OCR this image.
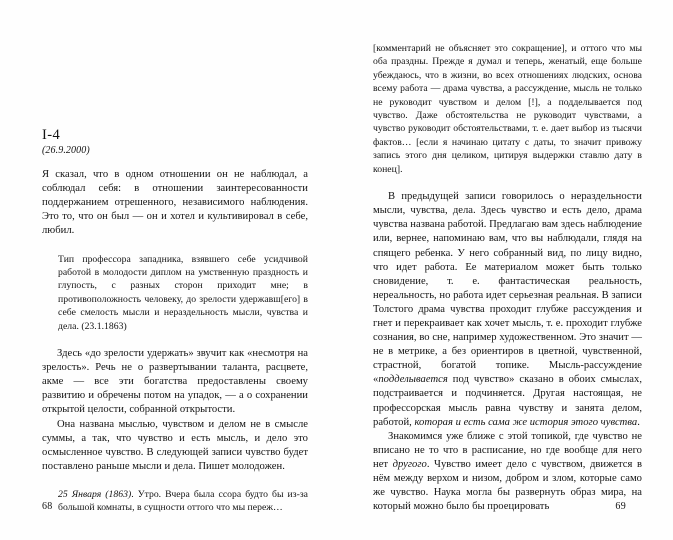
I-4
(26.9.2000)

Я сказал, что в одном отношении он не наблюдал, а соблюдал себя: в отношении заинтересованности поддержанием отрешенного, независимого наблюдения. Это то, что он был — он и хотел и культивировал в себе, любил.

Тип профессора западника, взявшего себе усидчивой работой в молодости диплом на умственную праздность и глупость, с разных сторон приходит мне; в противоположность человеку, до зрелости удержавш[его] в себе смелость мысли и нераздельность мысли, чувства и дела. (23.1.1863)

Здесь «до зрелости удержать» звучит как «несмотря на зрелость». Речь не о развертывании таланта, расцвете, акме — все эти богатства предоставлены своему развитию и обречены потом на упадок, — а о сохранении открытой целости, собранной открытости.

Она названа мыслью, чувством и делом не в смысле суммы, а так, что чувство и есть мысль, и дело это осмысленное чувство. В следующей записи чувство будет поставлено раньше мысли и дела. Пишет молодожен.

25 Января (1863). Утро. Вчера была ссора будто бы из-за большой комнаты, в сущности оттого что мы переж…

68

[комментарий не объясняет это сокращение], и оттого что мы оба праздны. Прежде я думал и теперь, женатый, еще больше убеждаюсь, что в жизни, во всех отношениях людских, основа всему работа — драма чувства, а рассуждение, мысль не только не руководит чувством и делом [!], а подделывается под чувство. Даже обстоятельства не руководит чувствами, а чувство руководит обстоятельствами, т. е. дает выбор из тысячи фактов… [если я начинаю цитату с даты, то значит привожу запись этого дня целиком, цитируя выдержки ставлю дату в конец].

В предыдущей записи говорилось о нераздельности мысли, чувства, дела. Здесь чувство и есть дело, драма чувства названа работой. Предлагаю вам здесь наблюдение или, вернее, напоминаю вам, что вы наблюдали, глядя на спящего ребенка. У него собранный вид, по лицу видно, что идет работа. Ее материалом может быть только сновидение, т. е. фантастическая реальность, нереальность, но работа идет серьезная реальная. В записи Толстого драма чувства проходит глубже рассуждения и гнет и перекраивает как хочет мысль, т. е. проходит глубже сознания, во сне, например художественном. Это значит — не в метрике, а без ориентиров в цветной, чувственной, страстной, богатой топике. Мысль-рассуждение «подделывается под чувство» сказано в обоих смыслах, подстраивается и подчиняется. Другая настоящая, не профессорская мысль равна чувству и занята делом, работой, которая и есть сама же история этого чувства.

Знакомимся уже ближе с этой топикой, где чувство не вписано не то что в расписание, но где вообще для него нет другого. Чувство имеет дело с чувством, движется в нём между верхом и низом, добром и злом, которые само же чувство. Наука могла бы развернуть образ мира, на который можно было бы проецировать	69
